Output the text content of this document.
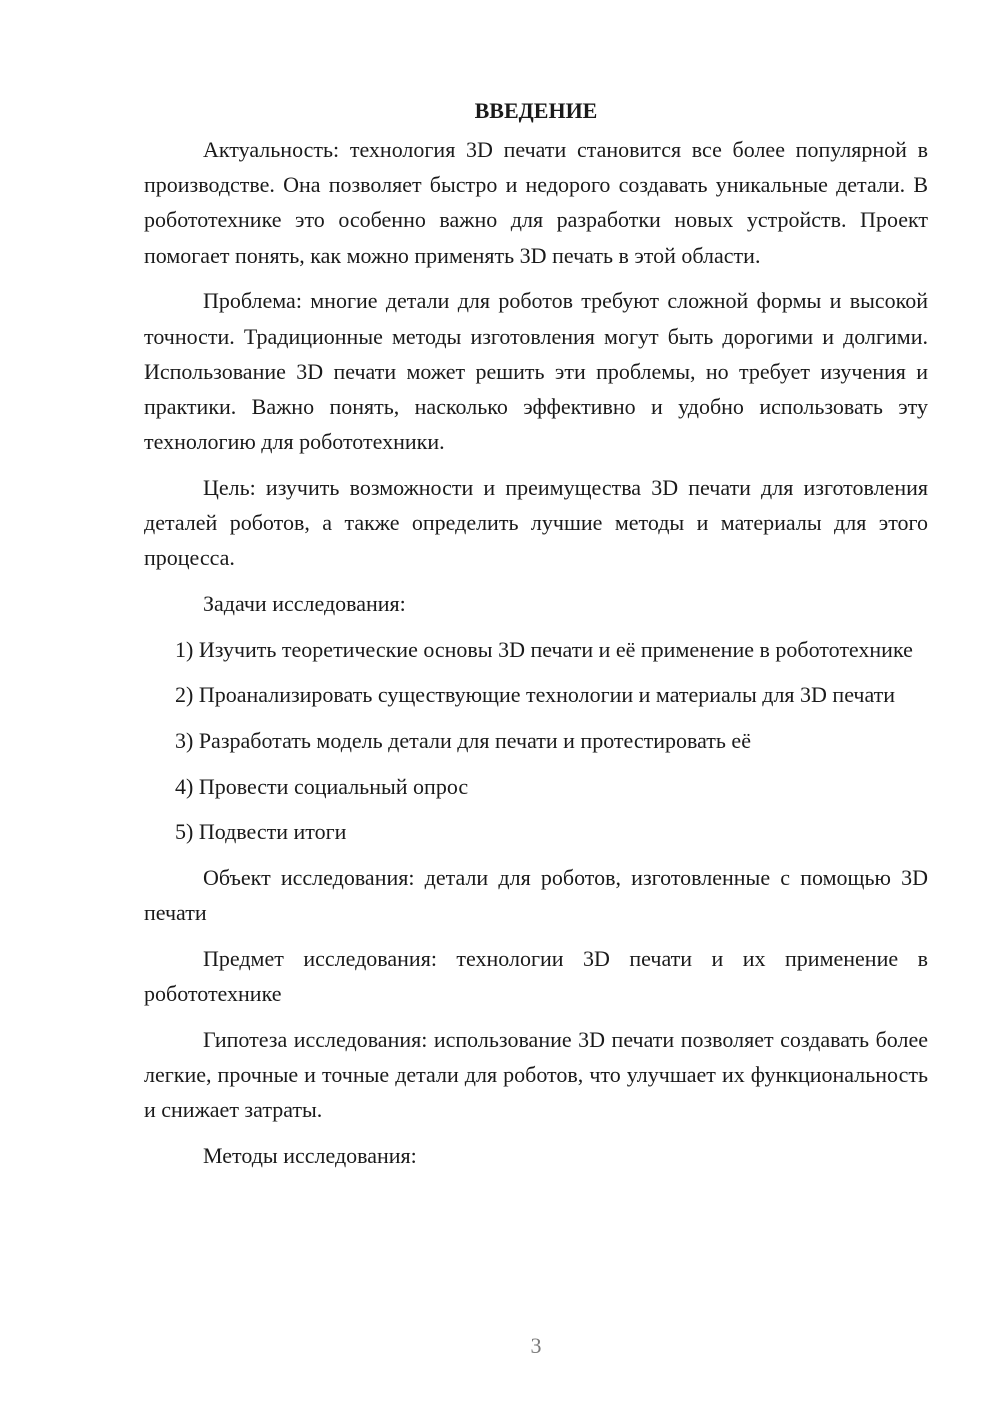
ВВЕДЕНИЕ

Актуальность: технология 3D печати становится все более популярной в производстве. Она позволяет быстро и недорого создавать уникальные детали. В робототехнике это особенно важно для разработки новых устройств. Проект помогает понять, как можно применять 3D печать в этой области.

Проблема: многие детали для роботов требуют сложной формы и высокой точности. Традиционные методы изготовления могут быть дорогими и долгими. Использование 3D печати может решить эти проблемы, но требует изучения и практики. Важно понять, насколько эффективно и удобно использовать эту технологию для робототехники.

Цель: изучить возможности и преимущества 3D печати для изготовления деталей роботов, а также определить лучшие методы и материалы для этого процесса.

Задачи исследования:

1) Изучить теоретические основы 3D печати и её применение в робототехнике

2) Проанализировать существующие технологии и материалы для 3D печати

3) Разработать модель детали для печати и протестировать её

4) Провести социальный опрос

5) Подвести итоги

Объект исследования: детали для роботов, изготовленные с помощью 3D печати

Предмет исследования: технологии 3D печати и их применение в робототехнике

Гипотеза исследования: использование 3D печати позволяет создавать более легкие, прочные и точные детали для роботов, что улучшает их функциональность и снижает затраты.

Методы исследования:

3
